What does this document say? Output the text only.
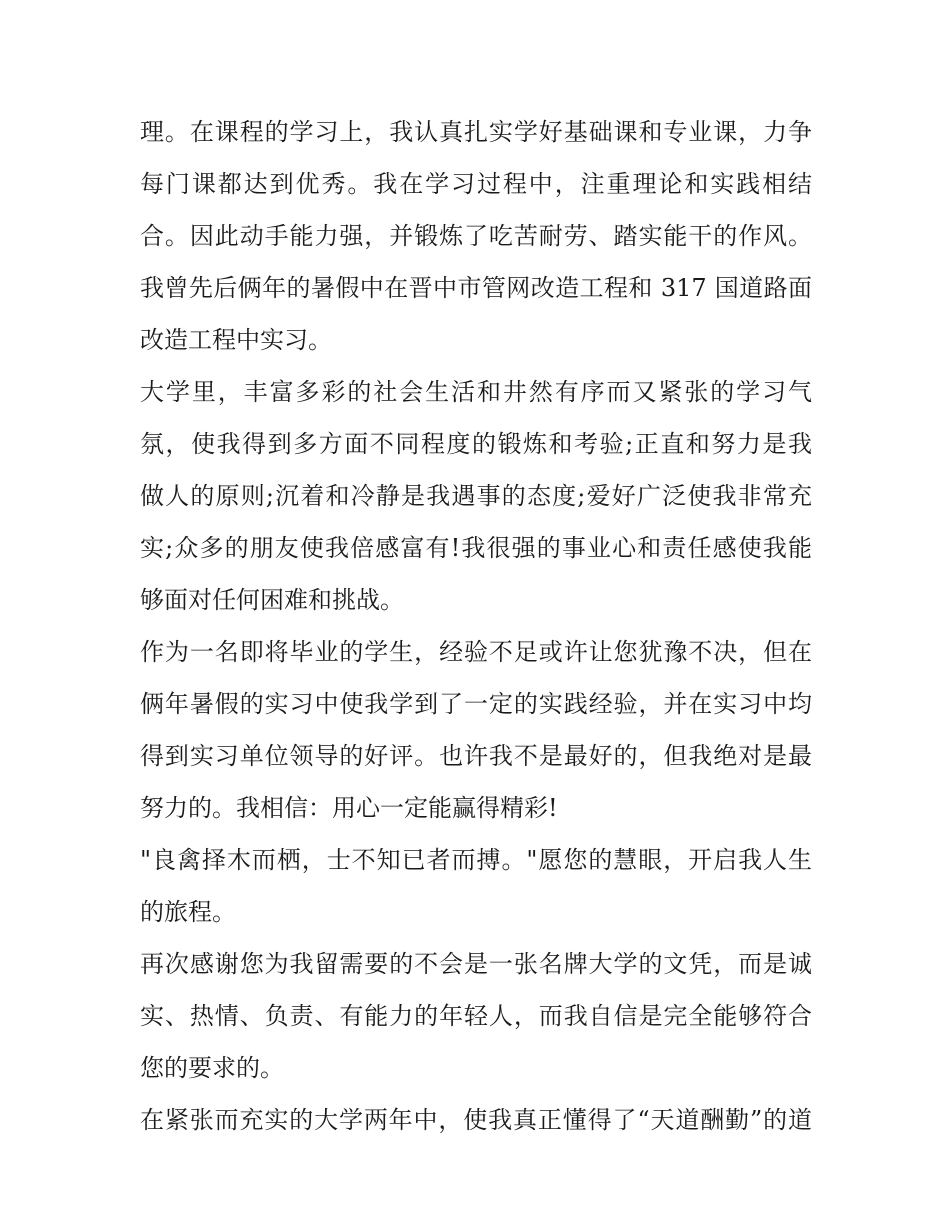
理。在课程的学习上，我认真扎实学好基础课和专业课，力争
每门课都达到优秀。我在学习过程中，注重理论和实践相结
合。因此动手能力强，并锻炼了吃苦耐劳、踏实能干的作风。
我曾先后俩年的暑假中在晋中市管网改造工程和 317 国道路面
改造工程中实习。
大学里，丰富多彩的社会生活和井然有序而又紧张的学习气
氛，使我得到多方面不同程度的锻炼和考验;正直和努力是我
做人的原则;沉着和冷静是我遇事的态度;爱好广泛使我非常充
实;众多的朋友使我倍感富有!我很强的事业心和责任感使我能
够面对任何困难和挑战。
作为一名即将毕业的学生，经验不足或许让您犹豫不决，但在
俩年暑假的实习中使我学到了一定的实践经验，并在实习中均
得到实习单位领导的好评。也许我不是最好的，但我绝对是最
努力的。我相信：用心一定能赢得精彩!
"良禽择木而栖，士不知已者而搏。"愿您的慧眼，开启我人生
的旅程。
再次感谢您为我留需要的不会是一张名牌大学的文凭，而是诚
实、热情、负责、有能力的年轻人，而我自信是完全能够符合
您的要求的。
在紧张而充实的大学两年中，使我真正懂得了“天道酬勤”的道
